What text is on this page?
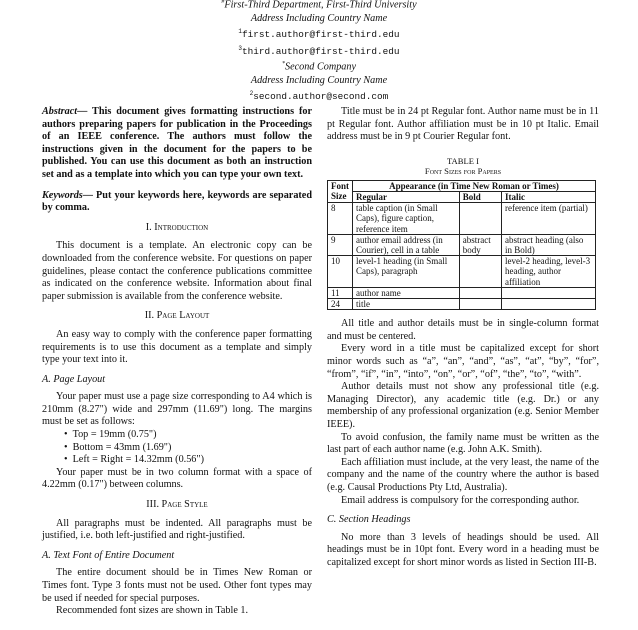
#First-Third Department, First-Third University
Address Including Country Name
$^1$first.author@first-third.edu
$^3$third.author@first-third.edu
*Second Company
Address Including Country Name
$^2$second.author@second.com

Abstract— This document gives formatting instructions for authors preparing papers for publication in the Proceedings of an IEEE conference. The authors must follow the instructions given in the document for the papers to be published. You can use this document as both an instruction set and as a template into which you can type your own text.

Keywords— Put your keywords here, keywords are separated by comma.

I. Introduction

This document is a template. An electronic copy can be downloaded from the conference website. For questions on paper guidelines, please contact the conference publications committee as indicated on the conference website. Information about final paper submission is available from the conference website.

II. Page Layout

An easy way to comply with the conference paper formatting requirements is to use this document as a template and simply type your text into it.

A. Page Layout

Your paper must use a page size corresponding to A4 which is 210mm (8.27") wide and 297mm (11.69") long. The margins must be set as follows:

• Top = 19mm (0.75")
• Bottom = 43mm (1.69")
• Left = Right = 14.32mm (0.56")

Your paper must be in two column format with a space of 4.22mm (0.17") between columns.

III. Page Style

All paragraphs must be indented. All paragraphs must be justified, i.e. both left-justified and right-justified.

A. Text Font of Entire Document

The entire document should be in Times New Roman or Times font. Type 3 fonts must not be used. Other font types may be used if needed for special purposes.

Recommended font sizes are shown in Table 1.

Title must be in 24 pt Regular font. Author name must be in 11 pt Regular font. Author affiliation must be in 10 pt Italic. Email address must be in 9 pt Courier Regular font.

TABLE I
Font Sizes for Papers
Font	Appearance (in Time New Roman or Times)		
Size	Regular	Bold	Italic
8	table caption (in Small Caps), figure caption, reference item		reference item (partial)
9	author email address (in Courier), cell in a table	abstract body	abstract heading (also in Bold)
10	level-1 heading (in Small Caps), paragraph		level-2 heading, level-3 heading, author affiliation
11	author name		
24	title		

All title and author details must be in single-column format and must be centered.

Every word in a title must be capitalized except for short minor words such as “a”, “an”, “and”, “as”, “at”, “by”, “for”, “from”, “if”, “in”, “into”, “on”, “or”, “of”, “the”, “to”, “with”.

Author details must not show any professional title (e.g. Managing Director), any academic title (e.g. Dr.) or any membership of any professional organization (e.g. Senior Member IEEE).

To avoid confusion, the family name must be written as the last part of each author name (e.g. John A.K. Smith).

Each affiliation must include, at the very least, the name of the company and the name of the country where the author is based (e.g. Causal Productions Pty Ltd, Australia).

Email address is compulsory for the corresponding author.

C. Section Headings

No more than 3 levels of headings should be used. All headings must be in 10pt font. Every word in a heading must be capitalized except for short minor words as listed in Section III-B.
